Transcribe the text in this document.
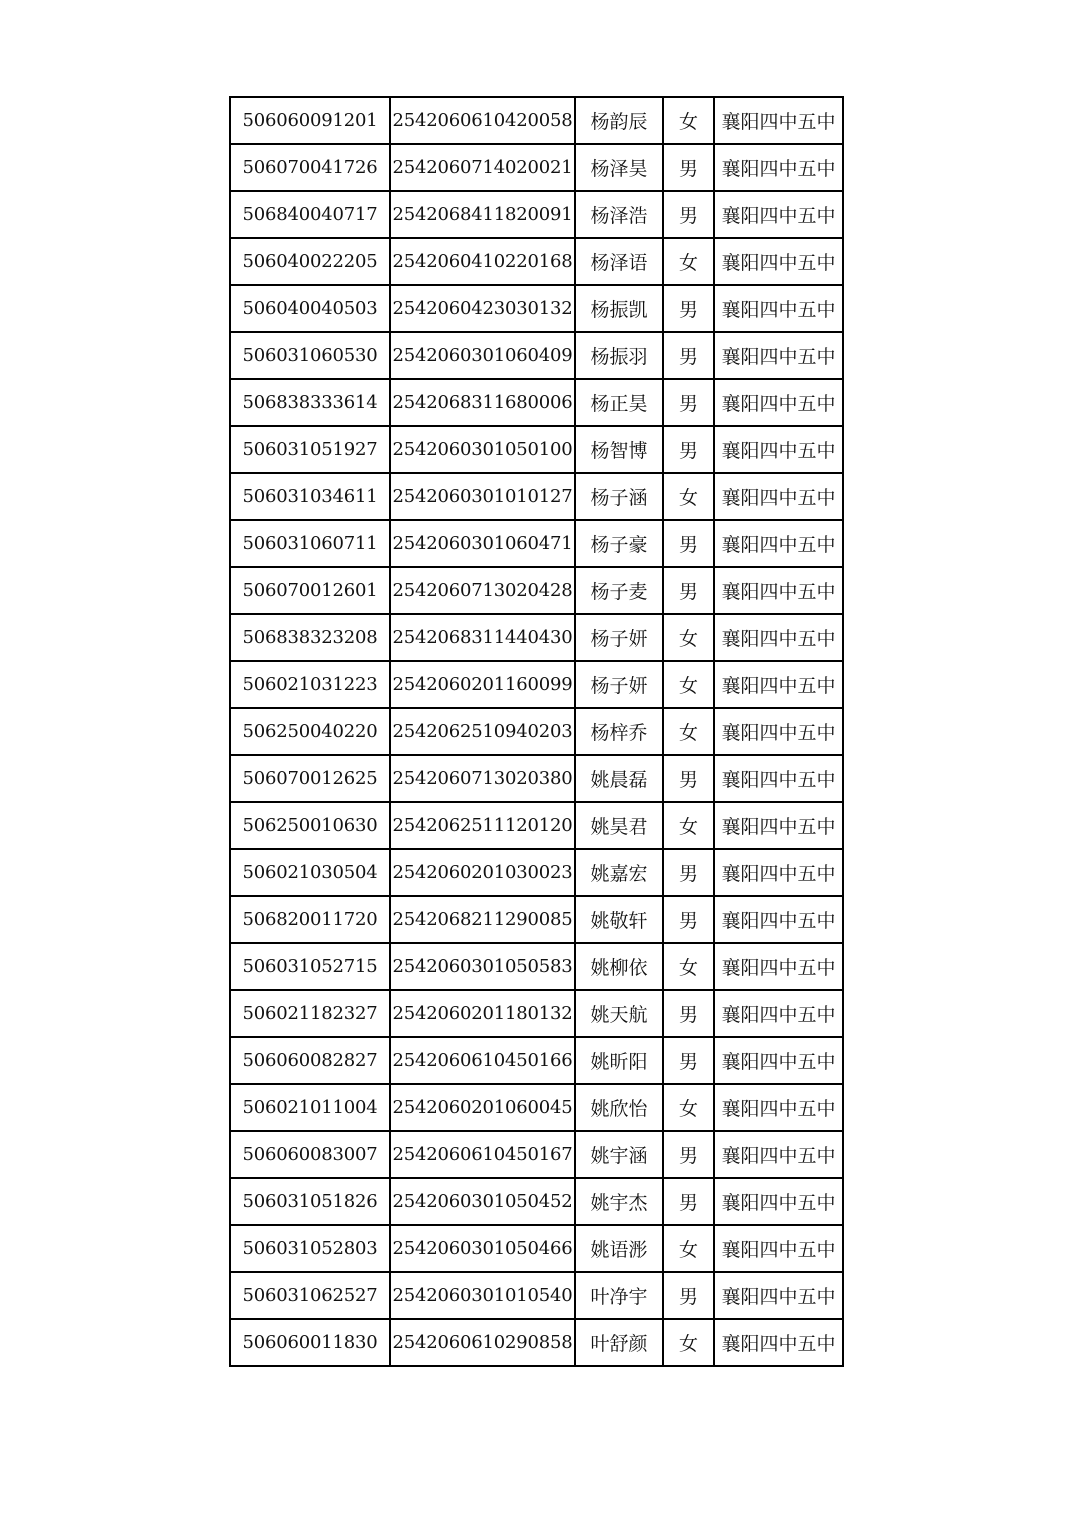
506060091201	2542060610420058	杨韵辰	女	襄阳四中五中
506070041726	2542060714020021	杨泽昊	男	襄阳四中五中
506840040717	2542068411820091	杨泽浩	男	襄阳四中五中
506040022205	2542060410220168	杨泽语	女	襄阳四中五中
506040040503	2542060423030132	杨振凯	男	襄阳四中五中
506031060530	2542060301060409	杨振羽	男	襄阳四中五中
506838333614	2542068311680006	杨正昊	男	襄阳四中五中
506031051927	2542060301050100	杨智博	男	襄阳四中五中
506031034611	2542060301010127	杨子涵	女	襄阳四中五中
506031060711	2542060301060471	杨子豪	男	襄阳四中五中
506070012601	2542060713020428	杨子麦	男	襄阳四中五中
506838323208	2542068311440430	杨子妍	女	襄阳四中五中
506021031223	2542060201160099	杨子妍	女	襄阳四中五中
506250040220	2542062510940203	杨梓乔	女	襄阳四中五中
506070012625	2542060713020380	姚晨磊	男	襄阳四中五中
506250010630	2542062511120120	姚昊君	女	襄阳四中五中
506021030504	2542060201030023	姚嘉宏	男	襄阳四中五中
506820011720	2542068211290085	姚敬轩	男	襄阳四中五中
506031052715	2542060301050583	姚柳依	女	襄阳四中五中
506021182327	2542060201180132	姚天航	男	襄阳四中五中
506060082827	2542060610450166	姚昕阳	男	襄阳四中五中
506021011004	2542060201060045	姚欣怡	女	襄阳四中五中
506060083007	2542060610450167	姚宇涵	男	襄阳四中五中
506031051826	2542060301050452	姚宇杰	男	襄阳四中五中
506031052803	2542060301050466	姚语浵	女	襄阳四中五中
506031062527	2542060301010540	叶净宇	男	襄阳四中五中
506060011830	2542060610290858	叶舒颜	女	襄阳四中五中
